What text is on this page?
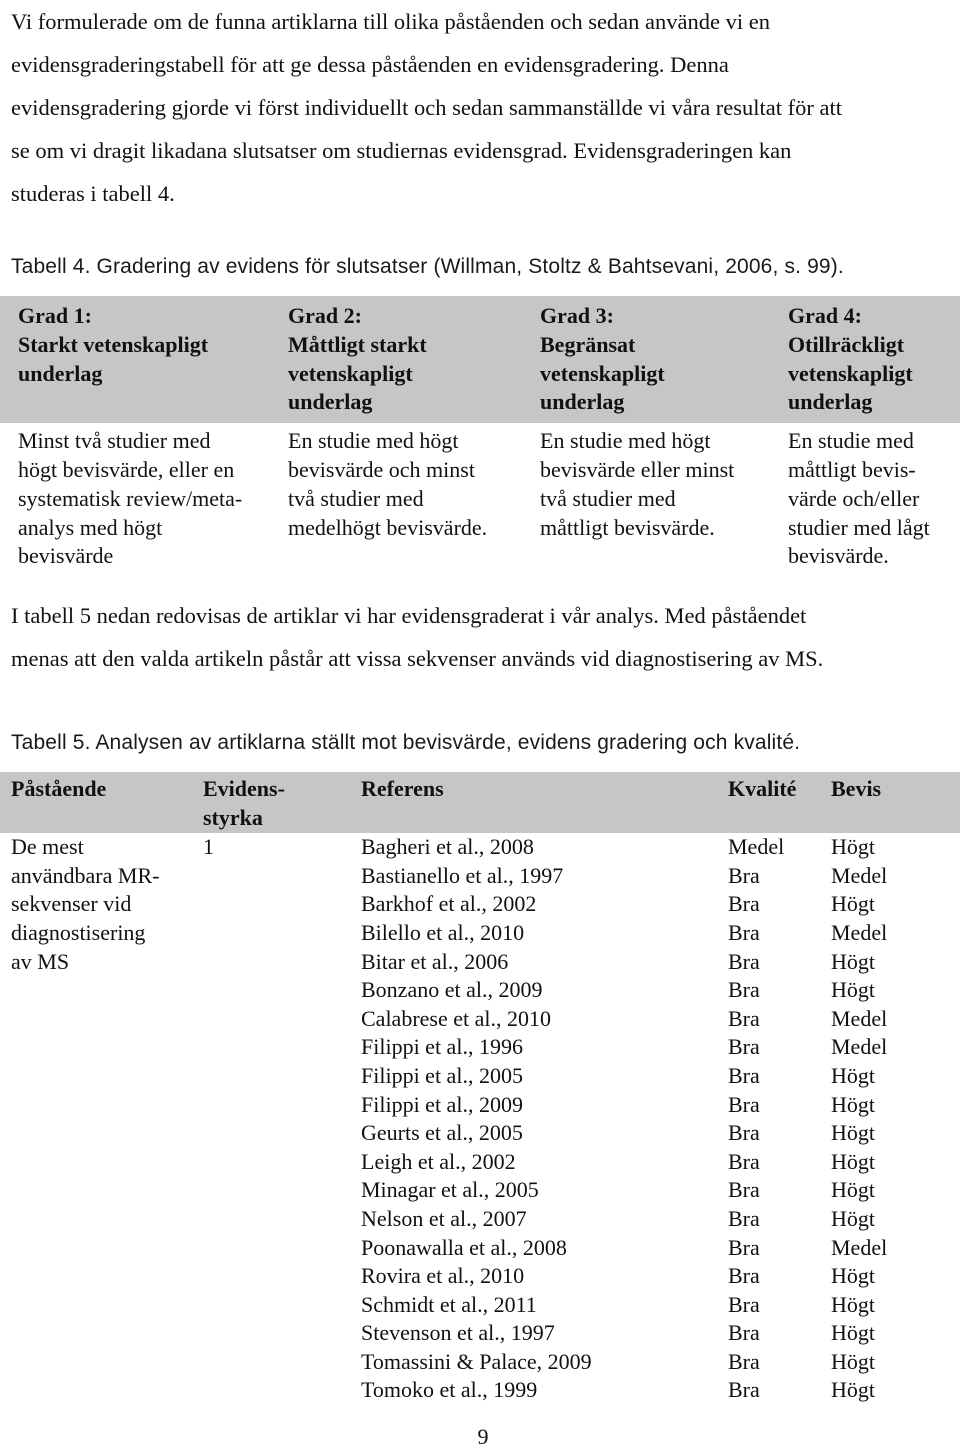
Vi formulerade om de funna artiklarna till olika påståenden och sedan använde vi en
evidensgraderingstabell för att ge dessa påståenden en evidensgradering. Denna
evidensgradering gjorde vi först individuellt och sedan sammanställde vi våra resultat för att
se om vi dragit likadana slutsatser om studiernas evidensgrad. Evidensgraderingen kan
studeras i tabell 4.

Tabell 4. Gradering av evidens för slutsatser (Willman, Stoltz & Bahtsevani, 2006, s. 99).
Grad 1:
Starkt vetenskapligt
underlag	Grad 2:
Måttligt starkt
vetenskapligt
underlag	Grad 3:
Begränsat
vetenskapligt
underlag	Grad 4:
Otillräckligt
vetenskapligt
underlag

Minst två studier med
högt bevisvärde, eller en
systematisk review/meta-
analys med högt
bevisvärde	En studie med högt
bevisvärde och minst
två studier med
medelhögt bevisvärde.	En studie med högt
bevisvärde eller minst
två studier med
måttligt bevisvärde.	En studie med
måttligt bevis-
värde och/eller
studier med lågt
bevisvärde.

I tabell 5 nedan redovisas de artiklar vi har evidensgraderat i vår analys. Med påståendet
menas att den valda artikeln påstår att vissa sekvenser används vid diagnostisering av MS.

Tabell 5. Analysen av artiklarna ställt mot bevisvärde, evidens gradering och kvalité.
Påstående	Evidens-
styrka	Referens	Kvalité	Bevis

De mest
användbara MR-
sekvenser vid
diagnostisering
av MS	1	Bagheri et al., 2008	Medel	Högt
		Bastianello et al., 1997	Bra	Medel
		Barkhof et al., 2002	Bra	Högt
		Bilello et al., 2010	Bra	Medel
		Bitar et al., 2006	Bra	Högt
		Bonzano et al., 2009	Bra	Högt
		Calabrese et al., 2010	Bra	Medel
		Filippi et al., 1996	Bra	Medel
		Filippi et al., 2005	Bra	Högt
		Filippi et al., 2009	Bra	Högt
		Geurts et al., 2005	Bra	Högt
		Leigh et al., 2002	Bra	Högt
		Minagar et al., 2005	Bra	Högt
		Nelson et al., 2007	Bra	Högt
		Poonawalla et al., 2008	Bra	Medel
		Rovira et al., 2010	Bra	Högt
		Schmidt et al., 2011	Bra	Högt
		Stevenson et al., 1997	Bra	Högt
		Tomassini & Palace, 2009	Bra	Högt
		Tomoko et al., 1999	Bra	Högt
9
